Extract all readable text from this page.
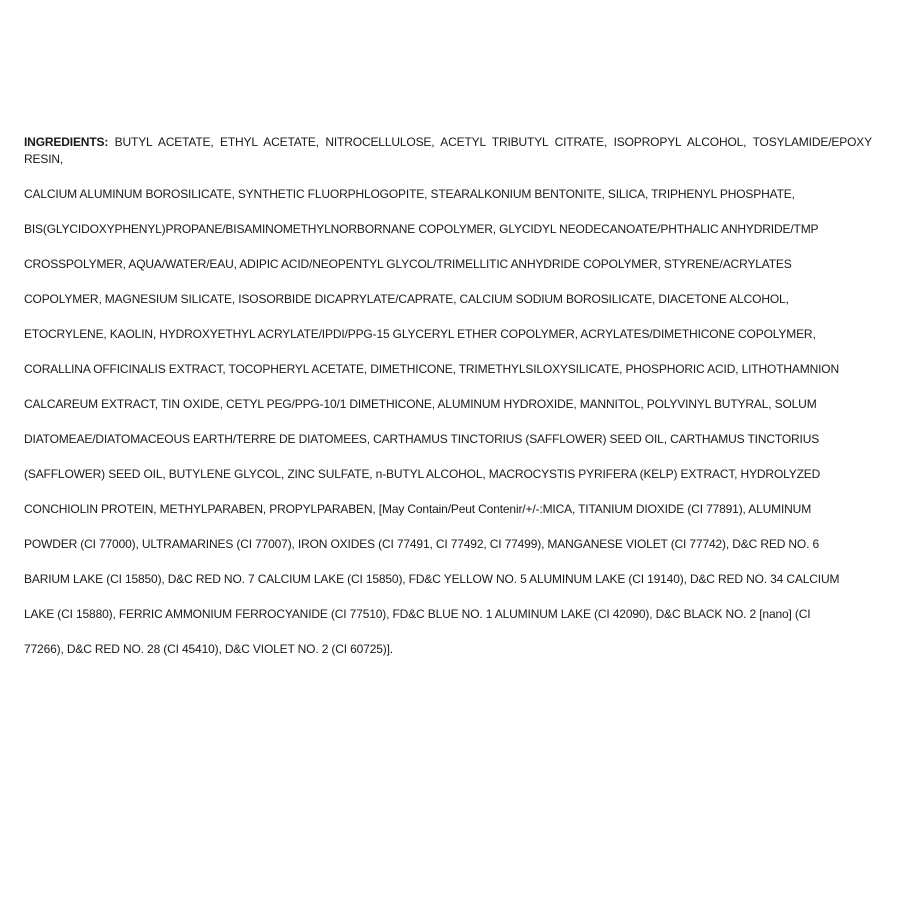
INGREDIENTS: BUTYL ACETATE, ETHYL ACETATE, NITROCELLULOSE, ACETYL TRIBUTYL CITRATE, ISOPROPYL ALCOHOL, TOSYLAMIDE/EPOXY RESIN,

CALCIUM ALUMINUM BOROSILICATE, SYNTHETIC FLUORPHLOGOPITE, STEARALKONIUM BENTONITE, SILICA, TRIPHENYL PHOSPHATE,

BIS(GLYCIDOXYPHENYL)PROPANE/BISAMINOMETHYLNORBORNANE COPOLYMER, GLYCIDYL NEODECANOATE/PHTHALIC ANHYDRIDE/TMP

CROSSPOLYMER, AQUA/WATER/EAU, ADIPIC ACID/NEOPENTYL GLYCOL/TRIMELLITIC ANHYDRIDE COPOLYMER, STYRENE/ACRYLATES

COPOLYMER, MAGNESIUM SILICATE, ISOSORBIDE DICAPRYLATE/CAPRATE, CALCIUM SODIUM BOROSILICATE, DIACETONE ALCOHOL,

ETOCRYLENE, KAOLIN, HYDROXYETHYL ACRYLATE/IPDI/PPG-15 GLYCERYL ETHER COPOLYMER, ACRYLATES/DIMETHICONE COPOLYMER,

CORALLINA OFFICINALIS EXTRACT, TOCOPHERYL ACETATE, DIMETHICONE, TRIMETHYLSILOXYSILICATE, PHOSPHORIC ACID, LITHOTHAMNION

CALCAREUM EXTRACT, TIN OXIDE, CETYL PEG/PPG-10/1 DIMETHICONE, ALUMINUM HYDROXIDE, MANNITOL, POLYVINYL BUTYRAL, SOLUM

DIATOMEAE/DIATOMACEOUS EARTH/TERRE DE DIATOMEES, CARTHAMUS TINCTORIUS (SAFFLOWER) SEED OIL, CARTHAMUS TINCTORIUS

(SAFFLOWER) SEED OIL, BUTYLENE GLYCOL, ZINC SULFATE, n-BUTYL ALCOHOL, MACROCYSTIS PYRIFERA (KELP) EXTRACT, HYDROLYZED

CONCHIOLIN PROTEIN, METHYLPARABEN, PROPYLPARABEN, [May Contain/Peut Contenir/+/-:MICA, TITANIUM DIOXIDE (CI 77891), ALUMINUM

POWDER (CI 77000), ULTRAMARINES (CI 77007), IRON OXIDES (CI 77491, CI 77492, CI 77499), MANGANESE VIOLET (CI 77742), D&C RED NO. 6

BARIUM LAKE (CI 15850), D&C RED NO. 7 CALCIUM LAKE (CI 15850), FD&C YELLOW NO. 5 ALUMINUM LAKE (CI 19140), D&C RED NO. 34 CALCIUM

LAKE (CI 15880), FERRIC AMMONIUM FERROCYANIDE (CI 77510), FD&C BLUE NO. 1 ALUMINUM LAKE (CI 42090), D&C BLACK NO. 2 [nano] (CI

77266), D&C RED NO. 28 (CI 45410), D&C VIOLET NO. 2 (CI 60725)].
